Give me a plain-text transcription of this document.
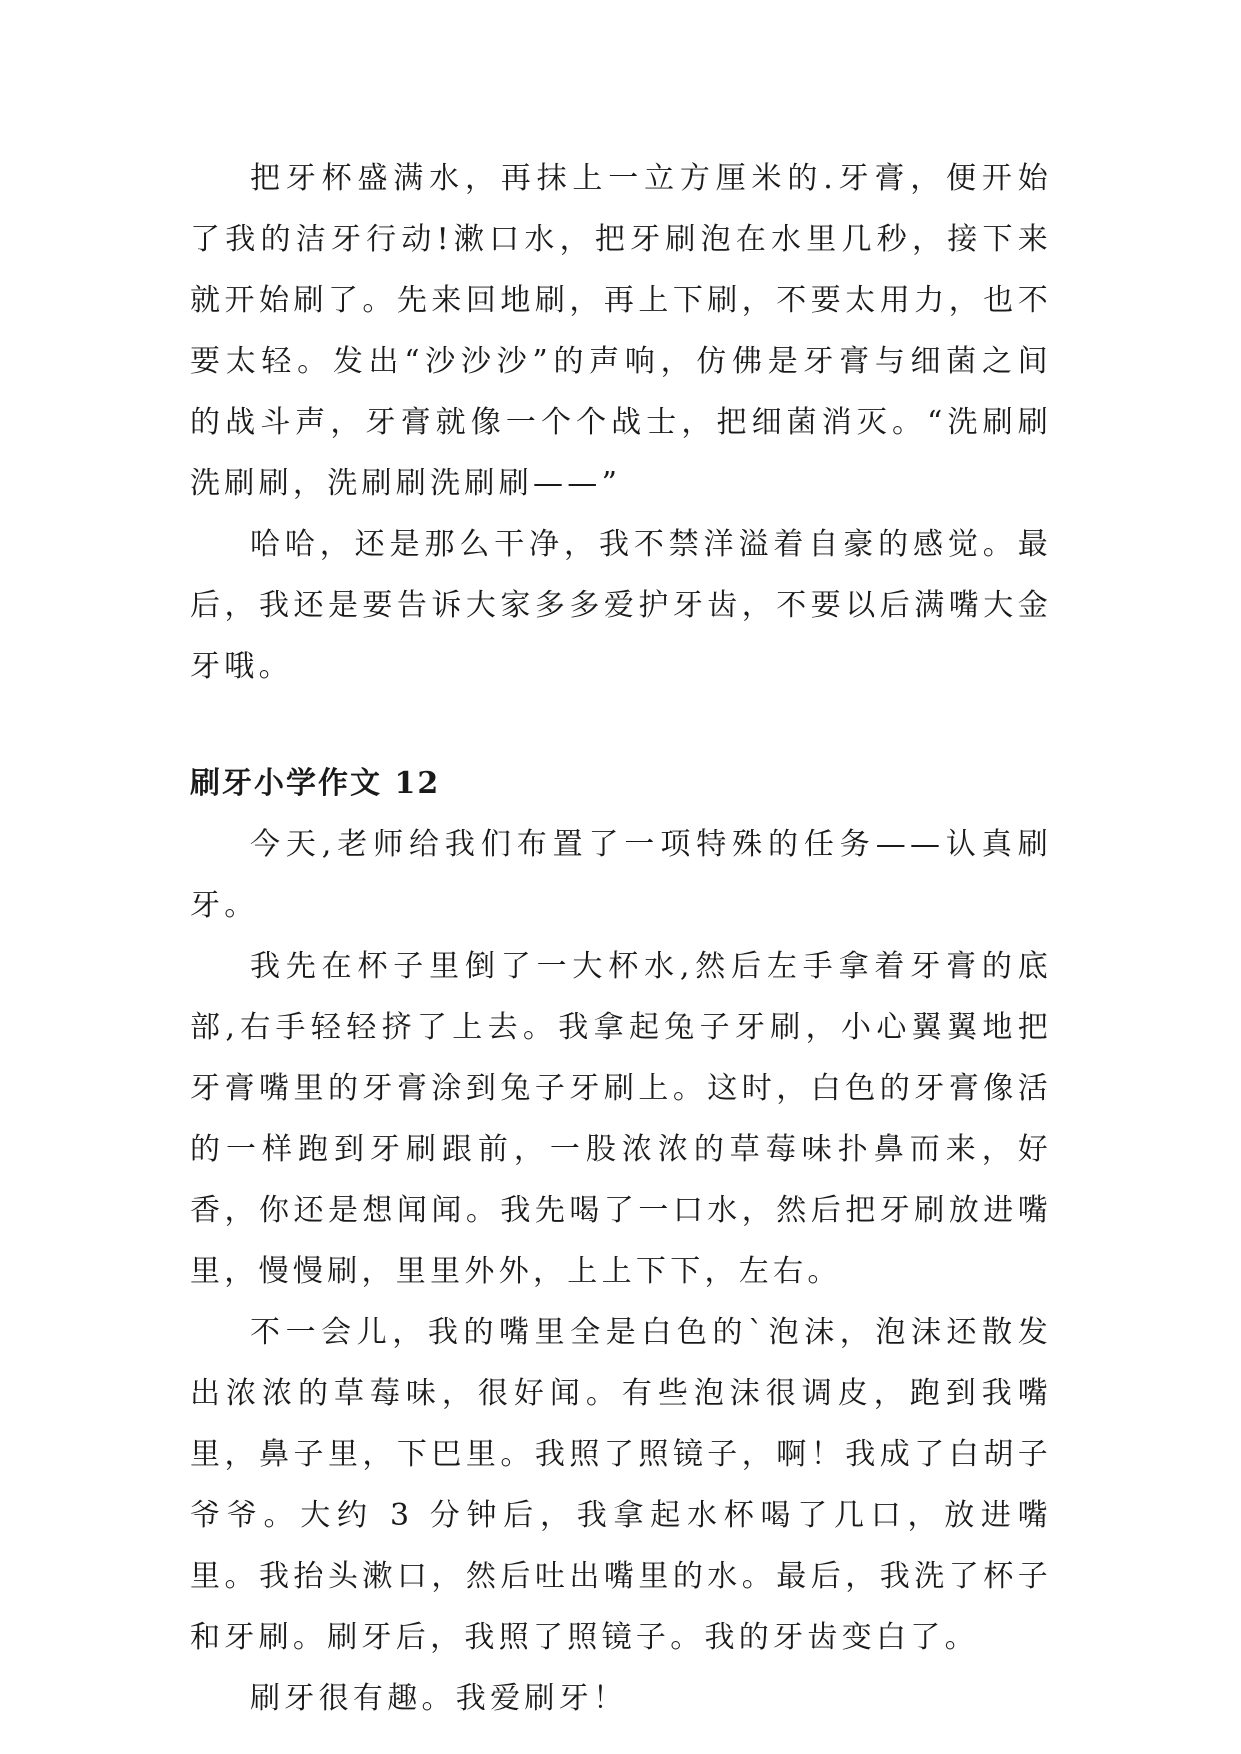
把牙杯盛满水，再抹上一立方厘米的.牙膏，便开始了我的洁牙行动!漱口水，把牙刷泡在水里几秒，接下来就开始刷了。先来回地刷，再上下刷，不要太用力，也不要太轻。发出“沙沙沙”的声响，仿佛是牙膏与细菌之间的战斗声，牙膏就像一个个战士，把细菌消灭。“洗刷刷洗刷刷，洗刷刷洗刷刷——”

哈哈，还是那么干净，我不禁洋溢着自豪的感觉。最后，我还是要告诉大家多多爱护牙齿，不要以后满嘴大金牙哦。

刷牙小学作文 12

今天,老师给我们布置了一项特殊的任务——认真刷牙。

我先在杯子里倒了一大杯水,然后左手拿着牙膏的底部,右手轻轻挤了上去。我拿起兔子牙刷，小心翼翼地把牙膏嘴里的牙膏涂到兔子牙刷上。这时，白色的牙膏像活的一样跑到牙刷跟前，一股浓浓的草莓味扑鼻而来，好香，你还是想闻闻。我先喝了一口水，然后把牙刷放进嘴里，慢慢刷，里里外外，上上下下，左右。

不一会儿，我的嘴里全是白色的`泡沫，泡沫还散发出浓浓的草莓味，很好闻。有些泡沫很调皮，跑到我嘴里，鼻子里，下巴里。我照了照镜子，啊！我成了白胡子爷爷。大约 3 分钟后，我拿起水杯喝了几口，放进嘴里。我抬头漱口，然后吐出嘴里的水。最后，我洗了杯子和牙刷。刷牙后，我照了照镜子。我的牙齿变白了。

刷牙很有趣。我爱刷牙！
